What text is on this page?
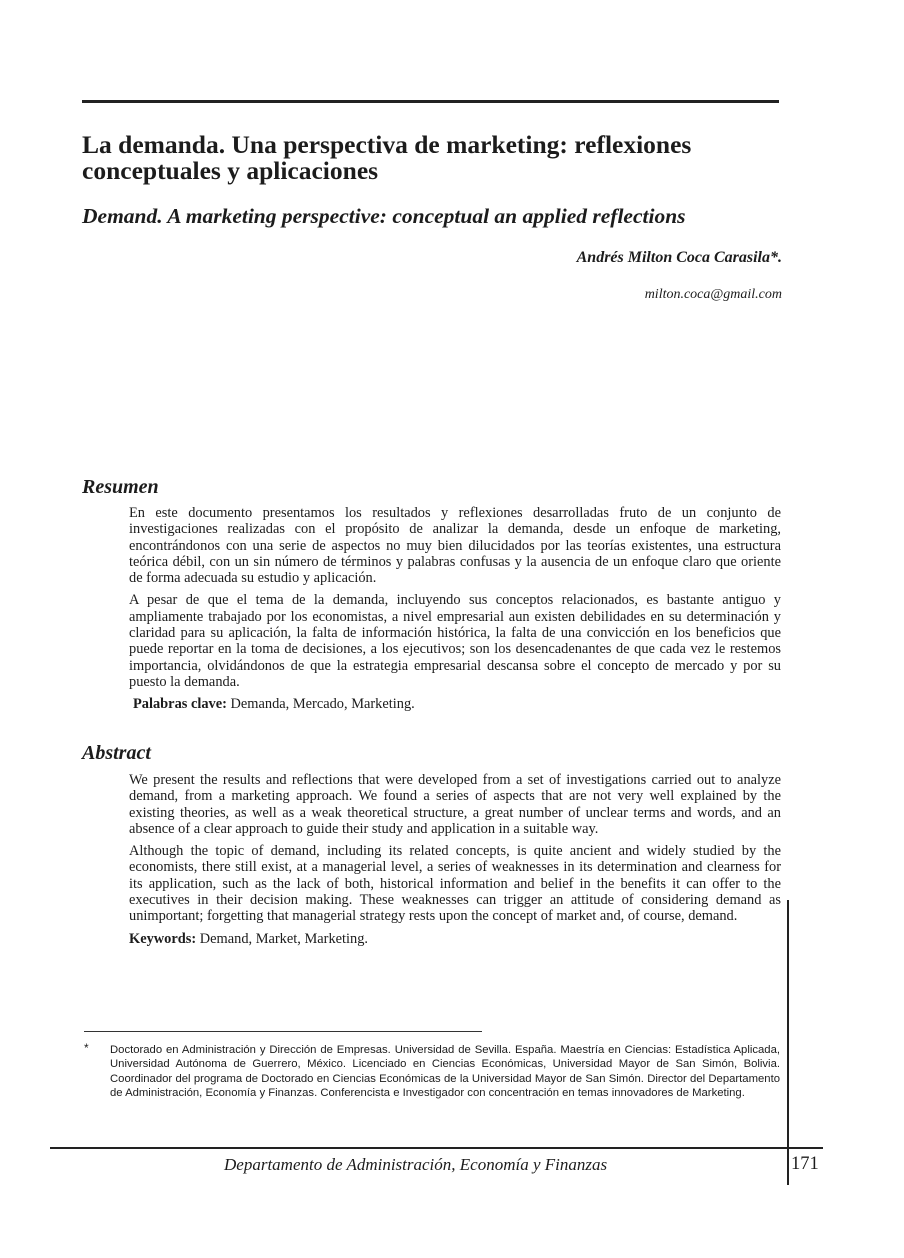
La demanda. Una perspectiva de marketing: reflexiones conceptuales y aplicaciones
Demand. A marketing perspective: conceptual an applied reflections

Andrés Milton Coca Carasila*.

milton.coca@gmail.com

Resumen

En este documento presentamos los resultados y reflexiones desarrolladas fruto de un conjunto de investigaciones realizadas con el propósito de analizar la demanda, desde un enfoque de marketing, encontrándonos con una serie de aspectos no muy bien dilucidados por las teorías existentes, una estructura teórica débil, con un sin número de términos y palabras confusas y la ausencia de un enfoque claro que oriente de forma adecuada su estudio y aplicación.

A pesar de que el tema de la demanda, incluyendo sus conceptos relacionados, es bastante antiguo y ampliamente trabajado por los economistas, a nivel empresarial aun existen debilidades en su determinación y claridad para su aplicación, la falta de información histórica, la falta de una convicción en los beneficios que puede reportar en la toma de decisiones, a los ejecutivos; son los desencadenantes de que cada vez le restemos importancia, olvidándonos de que la estrategia empresarial descansa sobre el concepto de mercado y por su puesto la demanda.

Palabras clave: Demanda, Mercado, Marketing.

Abstract

We present the results and reflections that were developed from a set of investigations carried out to analyze demand, from a marketing approach. We found a series of aspects that are not very well explained by the existing theories, as well as a weak theoretical structure, a great number of unclear terms and words, and an absence of a clear approach to guide their study and application in a suitable way.

Although the topic of demand, including its related concepts, is quite ancient and widely studied by the economists, there still exist, at a managerial level, a series of weaknesses in its determination and clearness for its application, such as the lack of both, historical information and belief in the benefits it can offer to the executives in their decision making. These weaknesses can trigger an attitude of considering demand as unimportant; forgetting that managerial strategy rests upon the concept of market and, of course, demand.

Keywords: Demand, Market, Marketing.

* Doctorado en Administración y Dirección de Empresas. Universidad de Sevilla. España. Maestría en Ciencias: Estadística Aplicada, Universidad Autónoma de Guerrero, México. Licenciado en Ciencias Económicas, Universidad Mayor de San Simón, Bolivia. Coordinador del programa de Doctorado en Ciencias Económicas de la Universidad Mayor de San Simón. Director del Departamento de Administración, Economía y Finanzas. Conferencista e Investigador con concentración en temas innovadores de Marketing.

Departamento de Administración, Economía y Finanzas	171
